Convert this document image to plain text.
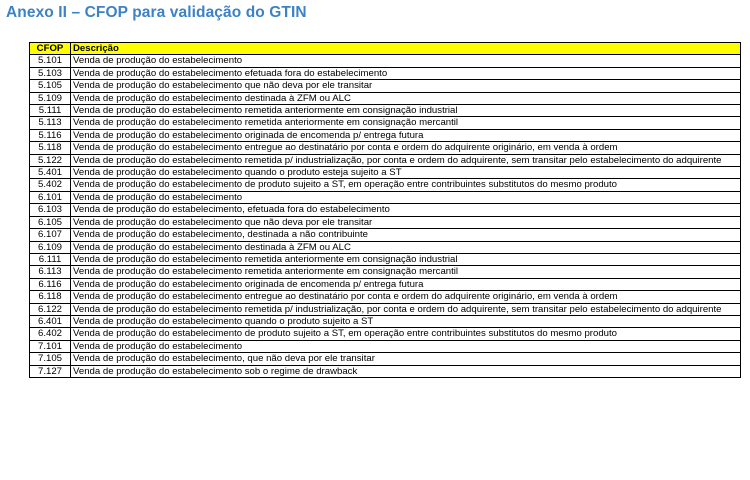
Anexo II – CFOP para validação do GTIN
CFOP	Descrição
5.101	Venda de produção do estabelecimento
5.103	Venda de produção do estabelecimento efetuada fora do estabelecimento
5.105	Venda de produção do estabelecimento que não deva por ele transitar
5.109	Venda de produção do estabelecimento destinada à ZFM ou ALC
5.111	Venda de produção do estabelecimento remetida anteriormente em consignação industrial
5.113	Venda de produção do estabelecimento remetida anteriormente em consignação mercantil
5.116	Venda de produção do estabelecimento originada de encomenda p/ entrega futura
5.118	Venda de produção do estabelecimento entregue ao destinatário por conta e ordem do adquirente originário, em venda à ordem
5.122	Venda de produção do estabelecimento remetida p/ industrialização, por conta e ordem do adquirente, sem transitar pelo estabelecimento do adquirente
5.401	Venda de produção do estabelecimento quando o produto esteja sujeito a ST
5.402	Venda de produção do estabelecimento de produto sujeito a ST, em operação entre contribuintes substitutos do mesmo produto
6.101	Venda de produção do estabelecimento
6.103	Venda de produção do estabelecimento, efetuada fora do estabelecimento
6.105	Venda de produção do estabelecimento que não deva por ele transitar
6.107	Venda de produção do estabelecimento, destinada a não contribuinte
6.109	Venda de produção do estabelecimento destinada à ZFM ou ALC
6.111	Venda de produção do estabelecimento remetida anteriormente em consignação industrial
6.113	Venda de produção do estabelecimento remetida anteriormente em consignação mercantil
6.116	Venda de produção do estabelecimento originada de encomenda p/ entrega futura
6.118	Venda de produção do estabelecimento entregue ao destinatário por conta e ordem do adquirente originário, em venda à ordem
6.122	Venda de produção do estabelecimento remetida p/ industrialização, por conta e ordem do adquirente, sem transitar pelo estabelecimento do adquirente
6.401	Venda de produção do estabelecimento quando o produto sujeito a ST
6.402	Venda de produção do estabelecimento de produto sujeito a ST, em operação entre contribuintes substitutos do mesmo produto
7.101	Venda de produção do estabelecimento
7.105	Venda de produção do estabelecimento, que não deva por ele transitar
7.127	Venda de produção do estabelecimento sob o regime de drawback
